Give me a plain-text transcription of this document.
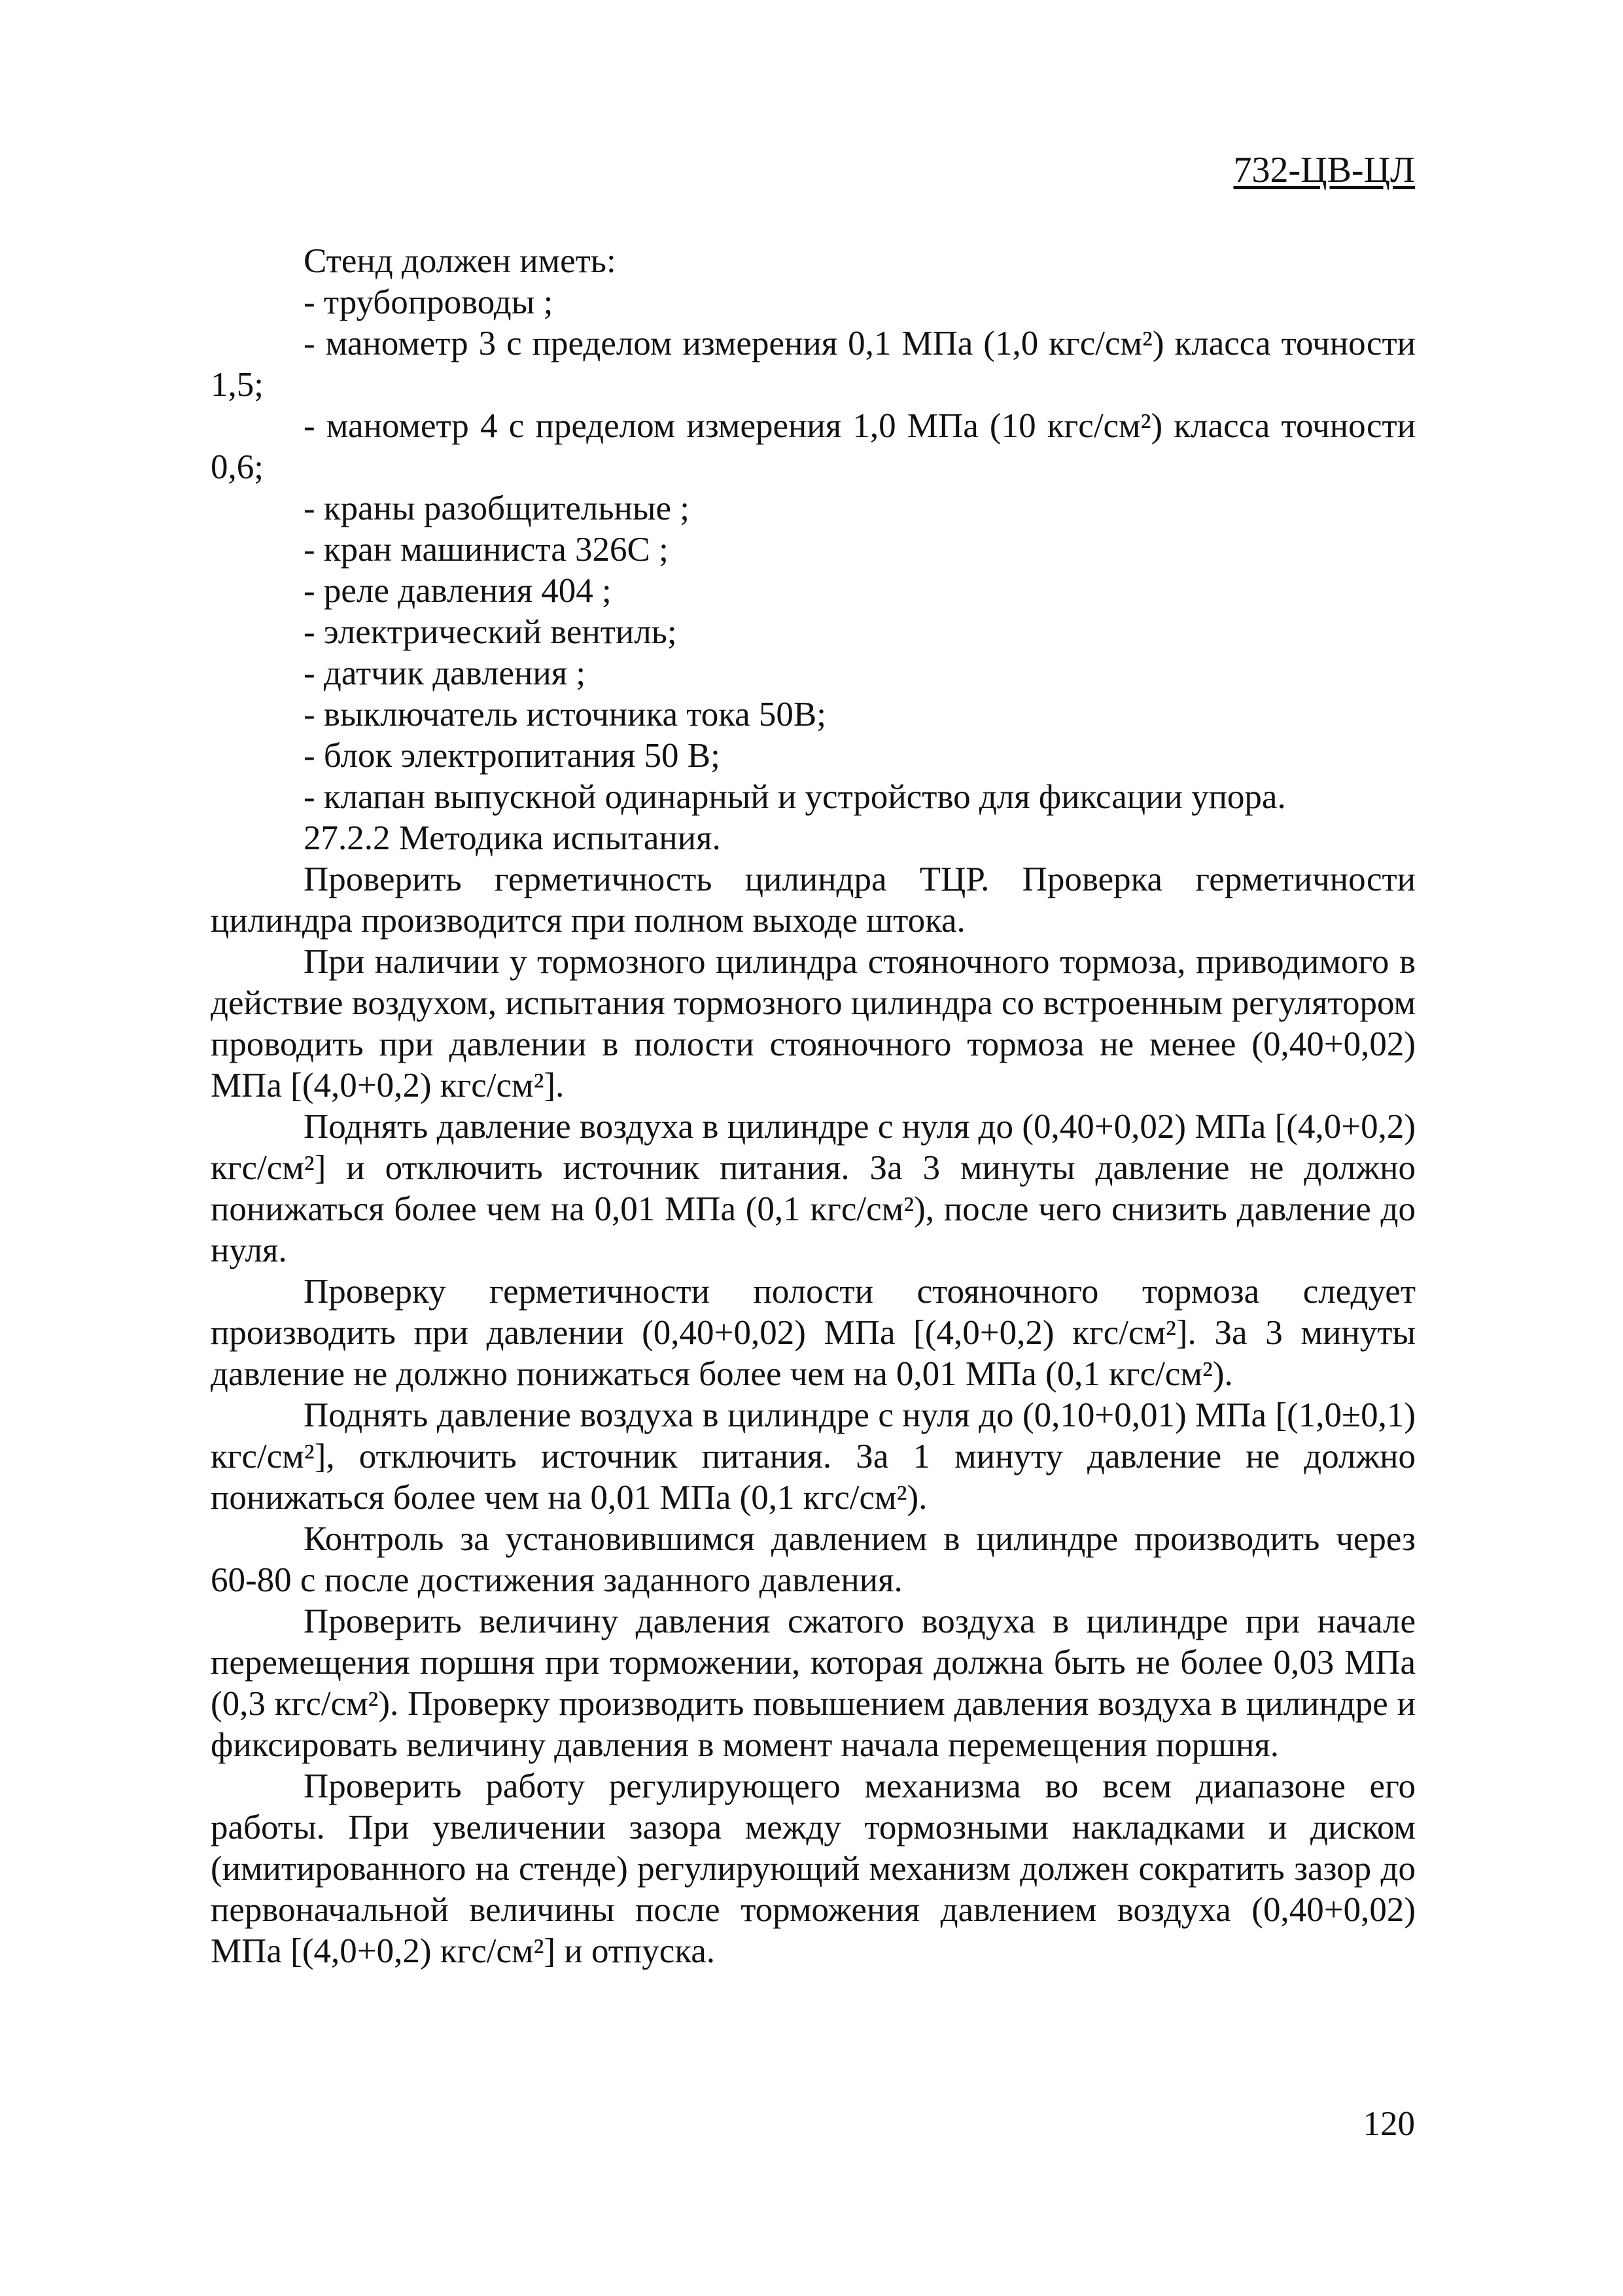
732-ЦВ-ЦЛ

Стенд должен иметь:

- трубопроводы ;

- манометр 3 с пределом измерения 0,1 МПа (1,0 кгс/см²) класса точности 1,5;

- манометр 4 с пределом измерения 1,0 МПа (10 кгс/см²) класса точности 0,6;

- краны разобщительные ;

- кран машиниста 326С ;

- реле давления 404 ;

- электрический вентиль;

- датчик давления ;

- выключатель источника тока 50В;

- блок электропитания 50 В;

- клапан выпускной одинарный и устройство для фиксации упора.

27.2.2 Методика испытания.

Проверить герметичность цилиндра ТЦР. Проверка герметичности цилиндра производится при полном выходе штока.

При наличии у тормозного цилиндра стояночного тормоза, приводимого в действие воздухом, испытания тормозного цилиндра со встроенным регулятором проводить при давлении в полости стояночного тормоза не менее (0,40+0,02) МПа [(4,0+0,2) кгс/см²].

Поднять давление воздуха в цилиндре с нуля до (0,40+0,02) МПа [(4,0+0,2) кгс/см²] и отключить источник питания. За 3 минуты давление не должно понижаться более чем на 0,01 МПа (0,1 кгс/см²), после чего снизить давление до нуля.

Проверку герметичности полости стояночного тормоза следует производить при давлении (0,40+0,02) МПа [(4,0+0,2) кгс/см²]. За 3 минуты давление не должно понижаться более чем на 0,01 МПа (0,1 кгс/см²).

Поднять давление воздуха в цилиндре с нуля до (0,10+0,01) МПа [(1,0±0,1) кгс/см²], отключить источник питания. За 1 минуту давление не должно понижаться более чем на 0,01 МПа (0,1 кгс/см²).

Контроль за установившимся давлением в цилиндре производить через 60-80 с после достижения заданного давления.

Проверить величину давления сжатого воздуха в цилиндре при начале перемещения поршня при торможении, которая должна быть не более 0,03 МПа (0,3 кгс/см²). Проверку производить повышением давления воздуха в цилиндре и фиксировать величину давления в момент начала перемещения поршня.

Проверить работу регулирующего механизма во всем диапазоне его работы. При увеличении зазора между тормозными накладками и диском (имитированного на стенде) регулирующий механизм должен сократить зазор до первоначальной величины после торможения давлением воздуха (0,40+0,02) МПа [(4,0+0,2) кгс/см²] и отпуска.

120
